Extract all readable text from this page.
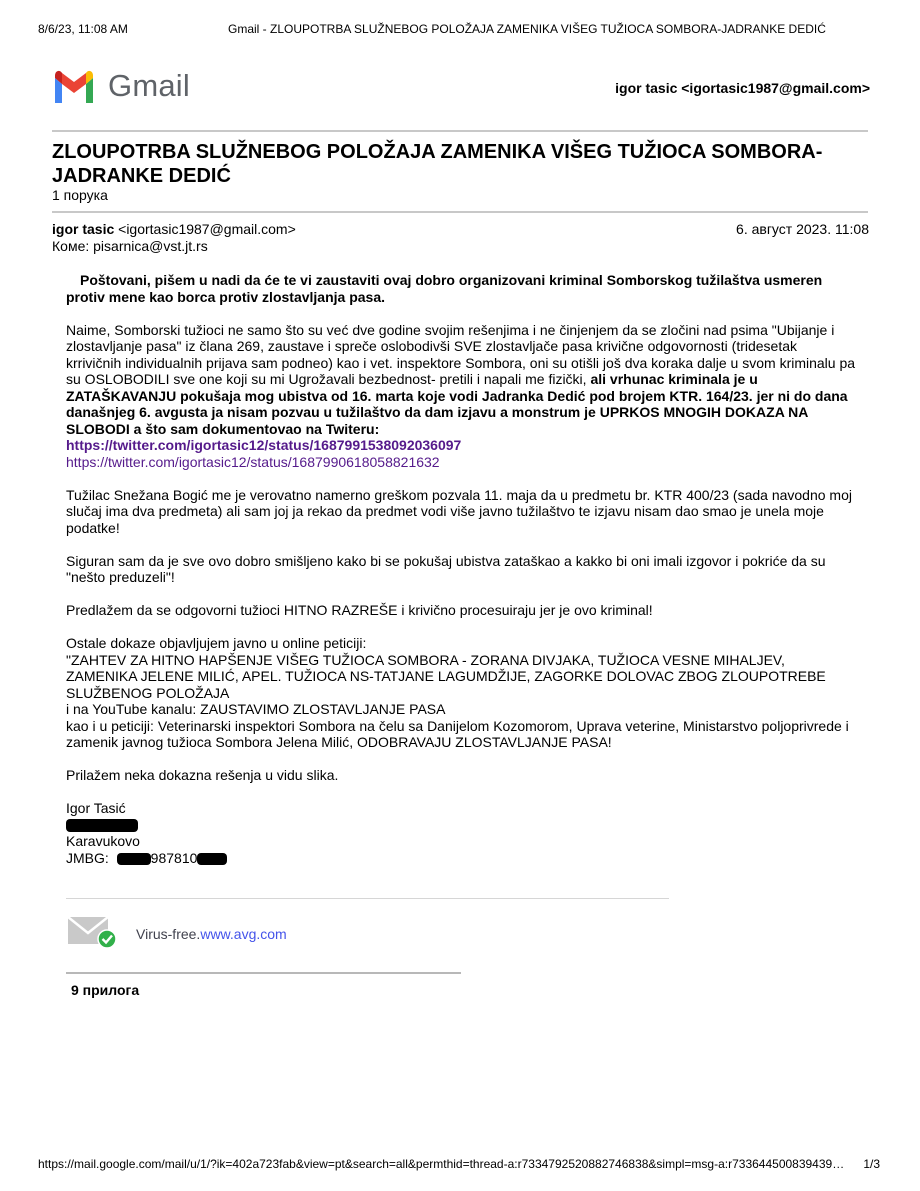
8/6/23, 11:08 AM	Gmail - ZLOUPOTRBA SLUŽNEBOG POLOŽAJA ZAMENIKA VIŠEG TUŽIOCA SOMBORA-JADRANKE DEDIĆ
Gmail	igor tasic <igortasic1987@gmail.com>
ZLOUPOTRBA SLUŽNEBOG POLOŽAJA ZAMENIKA VIŠEG TUŽIOCA SOMBORA-JADRANKE DEDIĆ
1 порука
igor tasic <igortasic1987@gmail.com>	6. август 2023. 11:08
Коме: pisarnica@vst.jt.rs

Poštovani, pišem u nadi da će te vi zaustaviti ovaj dobro organizovani kriminal Somborskog tužilaštva usmeren protiv mene kao borca protiv zlostavljanja pasa.

Naime, Somborski tužioci ne samo što su već dve godine svojim rešenjima i ne činjenjem da se zločini nad psima "Ubijanje i zlostavljanje pasa" iz člana 269, zaustave i spreče oslobodivši SVE zlostavljače pasa krivične odgovornosti (tridesetak krrivičnih individualnih prijava sam podneo) kao i vet. inspektore Sombora, oni su otišli još dva koraka dalje u svom kriminalu pa su OSLOBODILI sve one koji su mi Ugrožavali bezbednost- pretili i napali me fizički, ali vrhunac kriminala je u ZATAŠKAVANJU pokušaja mog ubistva od 16. marta koje vodi Jadranka Dedić pod brojem KTR. 164/23. jer ni do dana današnjeg 6. avgusta ja nisam pozvau u tužilaštvo da dam izjavu a monstrum je UPRKOS MNOGIH DOKAZA NA SLOBODI a što sam dokumentovao na Twiteru:
https://twitter.com/igortasic12/status/1687991538092036097
https://twitter.com/igortasic12/status/1687990618058821632

Tužilac Snežana Bogić me je verovatno namerno greškom pozvala 11. maja da u predmetu br. KTR 400/23 (sada navodno moj slučaj ima dva predmeta) ali sam joj ja rekao da predmet vodi više javno tužilaštvo te izjavu nisam dao smao je unela moje podatke!

Siguran sam da je sve ovo dobro smišljeno kako bi se pokušaj ubistva zataškao a kakko bi oni imali izgovor i pokriće da su "nešto preduzeli"!

Predlažem da se odgovorni tužioci HITNO RAZREŠE i krivično procesuiraju jer je ovo kriminal!

Ostale dokaze objavljujem javno u online peticiji:
"ZAHTEV ZA HITNO HAPŠENJE VIŠEG TUŽIOCA SOMBORA - ZORANA DIVJAKA, TUŽIOCA VESNE MIHALJEV, ZAMENIKA JELENE MILIĆ, APEL. TUŽIOCA NS-TATJANE LAGUMDŽIJE, ZAGORKE DOLOVAC ZBOG ZLOUPOTREBE SLUŽBENOG POLOŽAJA
i na YouTube kanalu: ZAUSTAVIMO ZLOSTAVLJANJE PASA
kao i u peticiji: Veterinarski inspektori Sombora na čelu sa Danijelom Kozomorom, Uprava veterine, Ministarstvo poljoprivrede i zamenik javnog tužioca Sombora Jelena Milić, ODOBRAVAJU ZLOSTAVLJANJE PASA!

Prilažem neka dokazna rešenja u vidu slika.

Igor Tasić

Karavukovo
JMBG:	987810

Virus-free.www.avg.com
9 прилога
https://mail.google.com/mail/u/1/?ik=402a723fab&view=pt&search=all&permthid=thread-a:r7334792520882746838&simpl=msg-a:r733644500839439…	1/3
